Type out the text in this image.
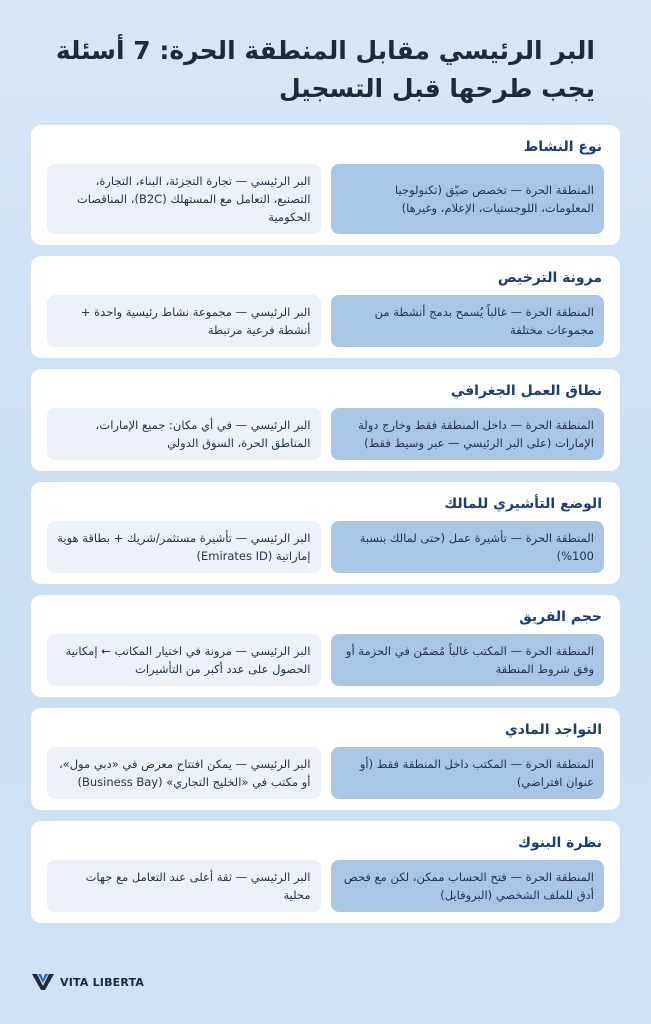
البر الرئيسي مقابل المنطقة الحرة: 7 أسئلة يجب طرحها قبل التسجيل
نوع النشاط
المنطقة الحرة — تخصص ضيّق (تكنولوجيا المعلومات، اللوجستيات، الإعلام، وغيرها)
البر الرئيسي — تجارة التجزئة، البناء، التجارة، التصنيع، التعامل مع المستهلك (B2C)، المناقصات الحكومية
مرونة الترخيص
المنطقة الحرة — غالباً يُسمح بدمج أنشطة من مجموعات مختلفة
البر الرئيسي — مجموعة نشاط رئيسية واحدة + أنشطة فرعية مرتبطة
نطاق العمل الجغرافي
المنطقة الحرة — داخل المنطقة فقط وخارج دولة الإمارات (على البر الرئيسي — عبر وسيط فقط)
البر الرئيسي — في أي مكان: جميع الإمارات، المناطق الحرة، السوق الدولي
الوضع التأشيري للمالك
المنطقة الحرة — تأشيرة عمل (حتى لمالك بنسبة 100%)
البر الرئيسي — تأشيرة مستثمر/شريك + بطاقة هوية إماراتية (Emirates ID)
حجم الفريق
المنطقة الحرة — المكتب غالباً مُضمّن في الحزمة أو وفق شروط المنطقة
البر الرئيسي — مرونة في اختيار المكاتب ← إمكانية الحصول على عدد أكبر من التأشيرات
التواجد المادي
المنطقة الحرة — المكتب داخل المنطقة فقط (أو عنوان افتراضي)
البر الرئيسي — يمكن افتتاح معرض في «دبي مول»، أو مكتب في «الخليج التجاري» (Business Bay)
نظرة البنوك
المنطقة الحرة — فتح الحساب ممكن، لكن مع فحص أدق للملف الشخصي (البروفايل)
البر الرئيسي — ثقة أعلى عند التعامل مع جهات محلية
VITA LIBERTA
